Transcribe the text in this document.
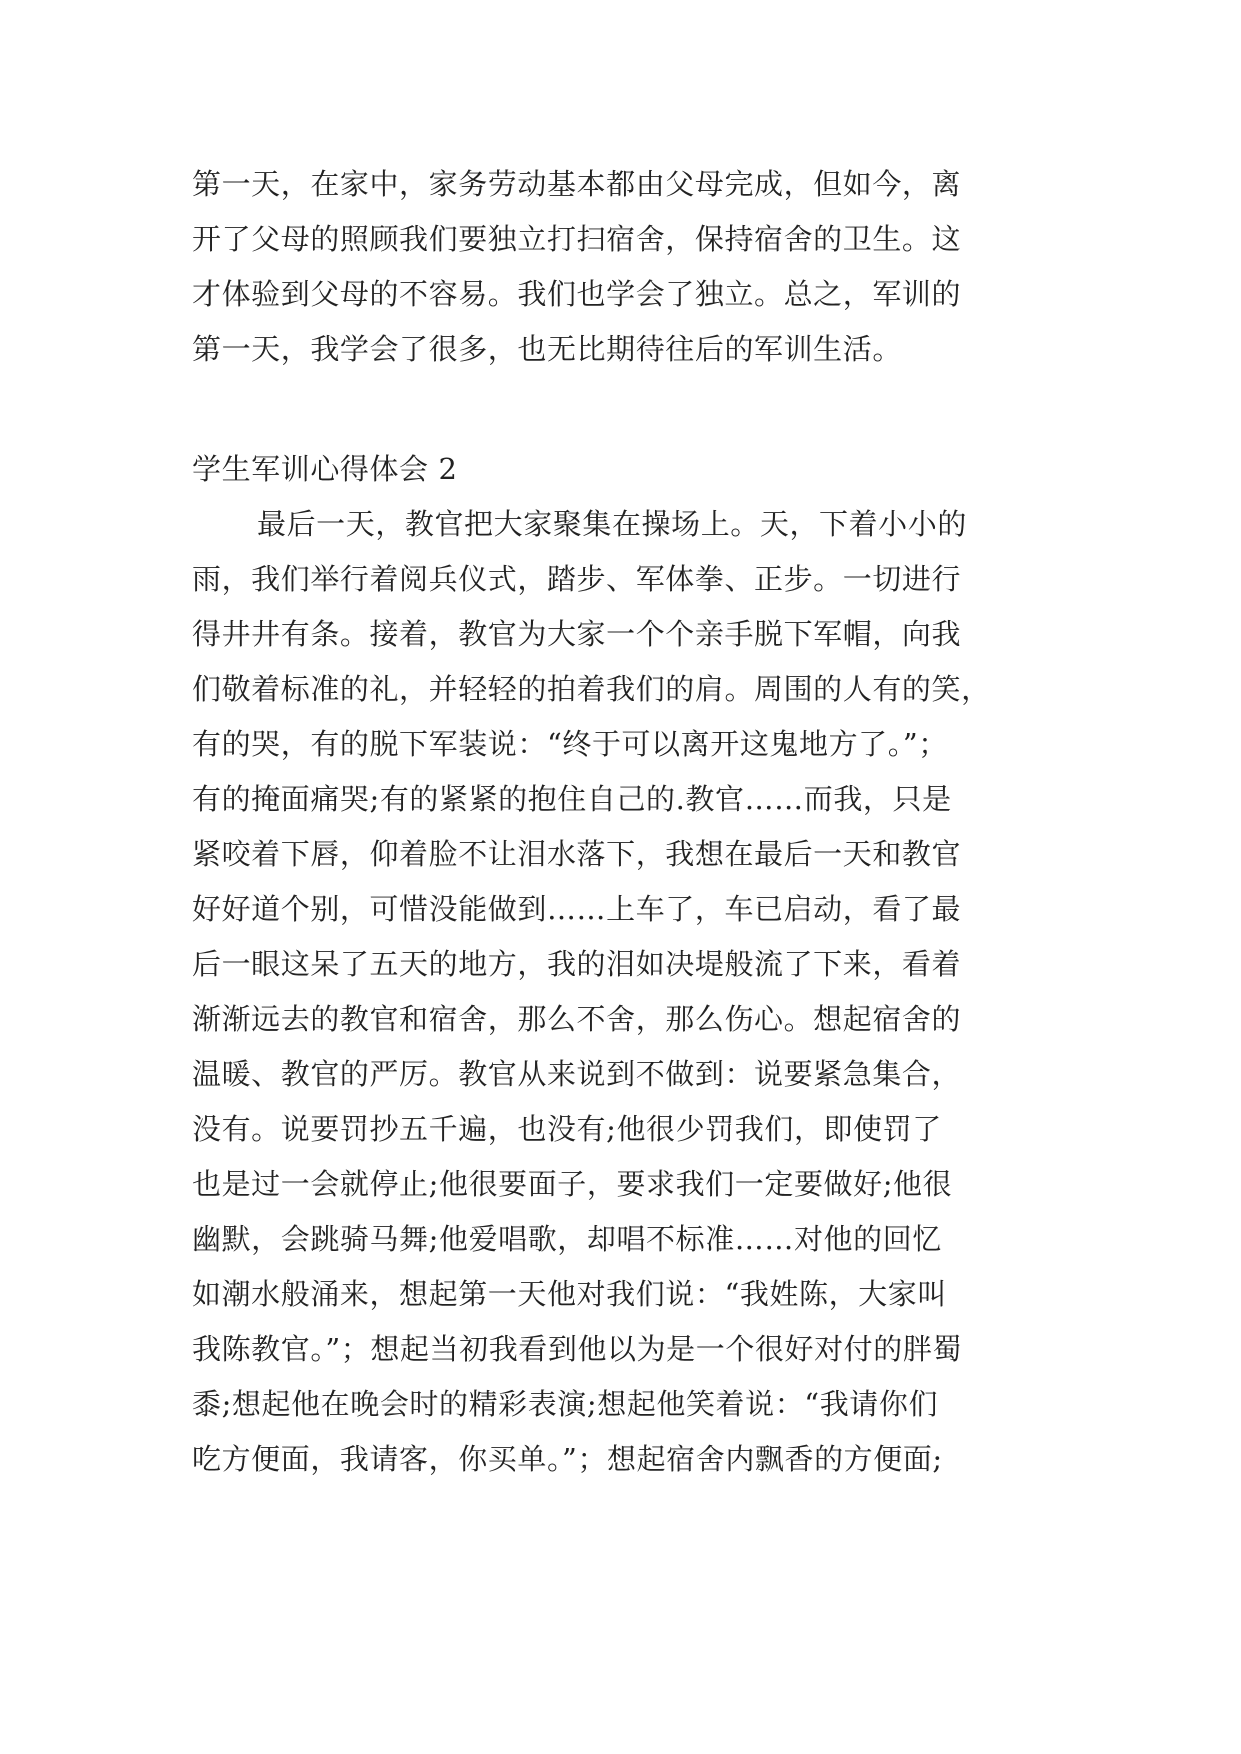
第一天，在家中，家务劳动基本都由父母完成，但如今，离

开了父母的照顾我们要独立打扫宿舍，保持宿舍的卫生。这

才体验到父母的不容易。我们也学会了独立。总之，军训的

第一天，我学会了很多，也无比期待往后的军训生活。

学生军训心得体会 2

最后一天，教官把大家聚集在操场上。天，下着小小的

雨，我们举行着阅兵仪式，踏步、军体拳、正步。一切进行

得井井有条。接着，教官为大家一个个亲手脱下军帽，向我

们敬着标准的礼，并轻轻的拍着我们的肩。周围的人有的笑，

有的哭，有的脱下军装说：“终于可以离开这鬼地方了。”；

有的掩面痛哭;有的紧紧的抱住自己的.教官……而我，只是

紧咬着下唇，仰着脸不让泪水落下，我想在最后一天和教官

好好道个别，可惜没能做到……上车了，车已启动，看了最

后一眼这呆了五天的地方，我的泪如决堤般流了下来，看着

渐渐远去的教官和宿舍，那么不舍，那么伤心。想起宿舍的

温暖、教官的严厉。教官从来说到不做到：说要紧急集合，

没有。说要罚抄五千遍，也没有;他很少罚我们，即使罚了

也是过一会就停止;他很要面子，要求我们一定要做好;他很

幽默，会跳骑马舞;他爱唱歌，却唱不标准……对他的回忆

如潮水般涌来，想起第一天他对我们说：“我姓陈，大家叫

我陈教官。”；想起当初我看到他以为是一个很好对付的胖蜀

黍;想起他在晚会时的精彩表演;想起他笑着说：“我请你们

吃方便面，我请客，你买单。”；想起宿舍内飘香的方便面;
